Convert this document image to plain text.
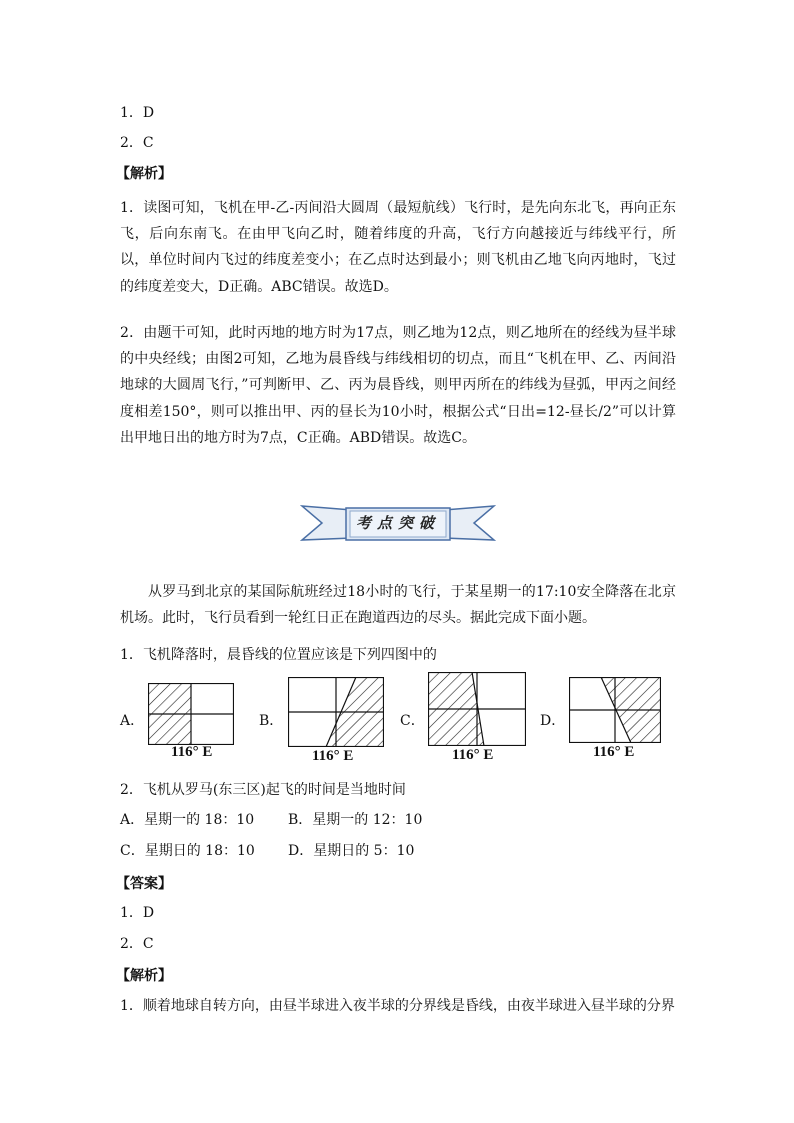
1．D
2．C
【解析】
1．读图可知，飞机在甲-乙-丙间沿大圆周（最短航线）飞行时，是先向东北飞，再向正东飞，后向东南飞。在由甲飞向乙时，随着纬度的升高，飞行方向越接近与纬线平行，所以，单位时间内飞过的纬度差变小；在乙点时达到最小；则飞机由乙地飞向丙地时，飞过的纬度差变大，D正确。ABC错误。故选D。
2．由题干可知，此时丙地的地方时为17点，则乙地为12点，则乙地所在的经线为昼半球的中央经线；由图2可知，乙地为晨昏线与纬线相切的切点，而且“飞机在甲、乙、丙间沿地球的大圆周飞行，”可判断甲、乙、丙为晨昏线，则甲丙所在的纬线为昼弧，甲丙之间经度相差150°，则可以推出甲、丙的昼长为10小时，根据公式“日出=12-昼长/2”可以计算出甲地日出的地方时为7点，C正确。ABD错误。故选C。
考点突破
从罗马到北京的某国际航班经过18小时的飞行，于某星期一的17:10安全降落在北京机场。此时，飞行员看到一轮红日正在跑道西边的尽头。据此完成下面小题。
1．飞机降落时，晨昏线的位置应该是下列四图中的
A．
116° E
B．
116° E
C．
116° E
D．
116° E
2．飞机从罗马(东三区)起飞的时间是当地时间
A．星期一的 18：10 B．星期一的 12：10
C．星期日的 18：10 D．星期日的 5：10
【答案】
1．D
2．C
【解析】
1．顺着地球自转方向，由昼半球进入夜半球的分界线是昏线，由夜半球进入昼半球的分界
